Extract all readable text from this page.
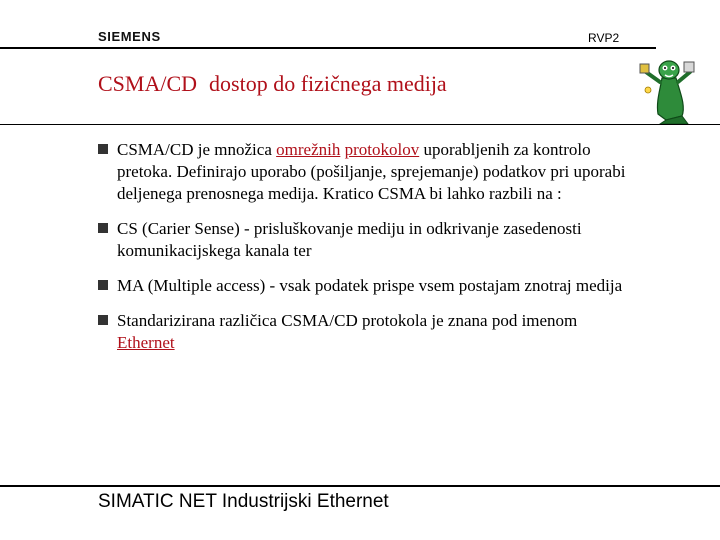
SIEMENS	RVP2
CSMA/CD dostop do fizičnega medija
CSMA/CD je množica omrežnih protokolov uporabljenih za kontrolo pretoka. Definirajo uporabo (pošiljanje, sprejemanje) podatkov pri uporabi deljenega prenosnega medija. Kratico CSMA bi lahko razbili na :
CS (Carier Sense) - prisluškovanje mediju in odkrivanje zasedenosti komunikacijskega kanala ter
MA (Multiple access) - vsak podatek prispe vsem postajam znotraj medija
Standarizirana različica CSMA/CD protokola je znana pod imenom Ethernet
SIMATIC NET Industrijski Ethernet
